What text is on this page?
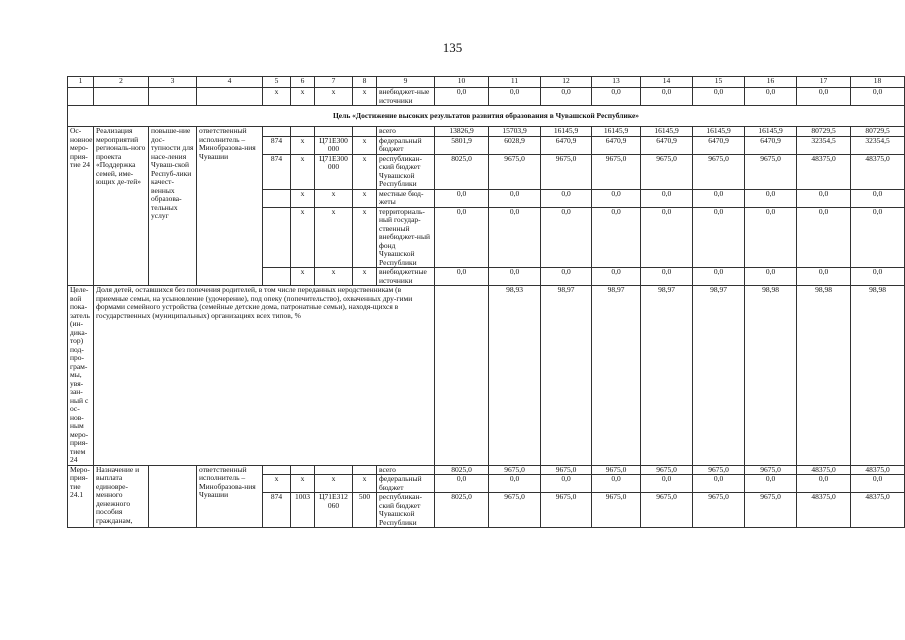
135
1	2	3	4	5	6	7	8	9	10	11	12	13	14	15	16	17	18	
				x	x	x	x	внебюджет-ные источники	0,0	0,0	0,0	0,0	0,0	0,0	0,0	0,0	0,0	
Цель «Достижение высоких результатов развития образования в Чувашской Республике»																		
Ос-новное меро-прия-тие 24	Реализация мероприятий региональ-ного проекта «Поддержка семей, име-ющих де-тей»	повыше-ние дос-тупности для насе-ления Чуваш-ской Респуб-лики качест-венных образова-тельных услуг	ответственный исполнитель – Минобразова-ния Чувашии					всего	13826,9	15703,9	16145,9	16145,9	16145,9	16145,9	16145,9	80729,5	80729,5	
				874	x	Ц71Е300 000	x	федеральный бюджет	5801,9	6028,9	6470,9	6470,9	6470,9	6470,9	6470,9	32354,5	32354,5	
				874	x	Ц71Е300 000	x	республикан-ский бюджет Чувашской Республики	8025,0	9675,0	9675,0	9675,0	9675,0	9675,0	9675,0	48375,0	48375,0	
					x	x	x	местные бюд-жеты	0,0	0,0	0,0	0,0	0,0	0,0	0,0	0,0	0,0	
					x	x	x	территориаль-ный государ-ственный внебюджет-ный фонд Чувашской Республики	0,0	0,0	0,0	0,0	0,0	0,0	0,0	0,0	0,0	
					x	x	x	внебюджетные источники	0,0	0,0	0,0	0,0	0,0	0,0	0,0	0,0	0,0	
Целе-вой пока-затель (ин-дика-тор) под-про-грам-мы, увя-зан-ный с ос-нов-ным меро-прия-тием 24	Доля детей, оставшихся без попечения родителей, в том числе переданных неродственникам (в приемные семьи, на усыновление (удочерение), под опеку (попечительство), охваченных дру-гими формами семейного устройства (семейные детские дома, патронатные семьи), находя-щихся в государственных (муниципальных) организациях всех типов, %									98,93	98,97	98,97	98,97	98,97	98,98	98,98	98,98	
Меро-прия-тие 24.1	Назначение и выплата единовре-менного денежного пособия гражданам,		ответственный исполнитель – Минобразова-ния Чувашии					всего	8025,0	9675,0	9675,0	9675,0	9675,0	9675,0	9675,0	48375,0	48375,0	
				x	x	x	x	федеральный бюджет	0,0	0,0	0,0	0,0	0,0	0,0	0,0	0,0	0,0	
				874	1003	Ц71Е312 060	500	республикан-ский бюджет Чувашской Республики	8025,0	9675,0	9675,0	9675,0	9675,0	9675,0	9675,0	48375,0	48375,0	
